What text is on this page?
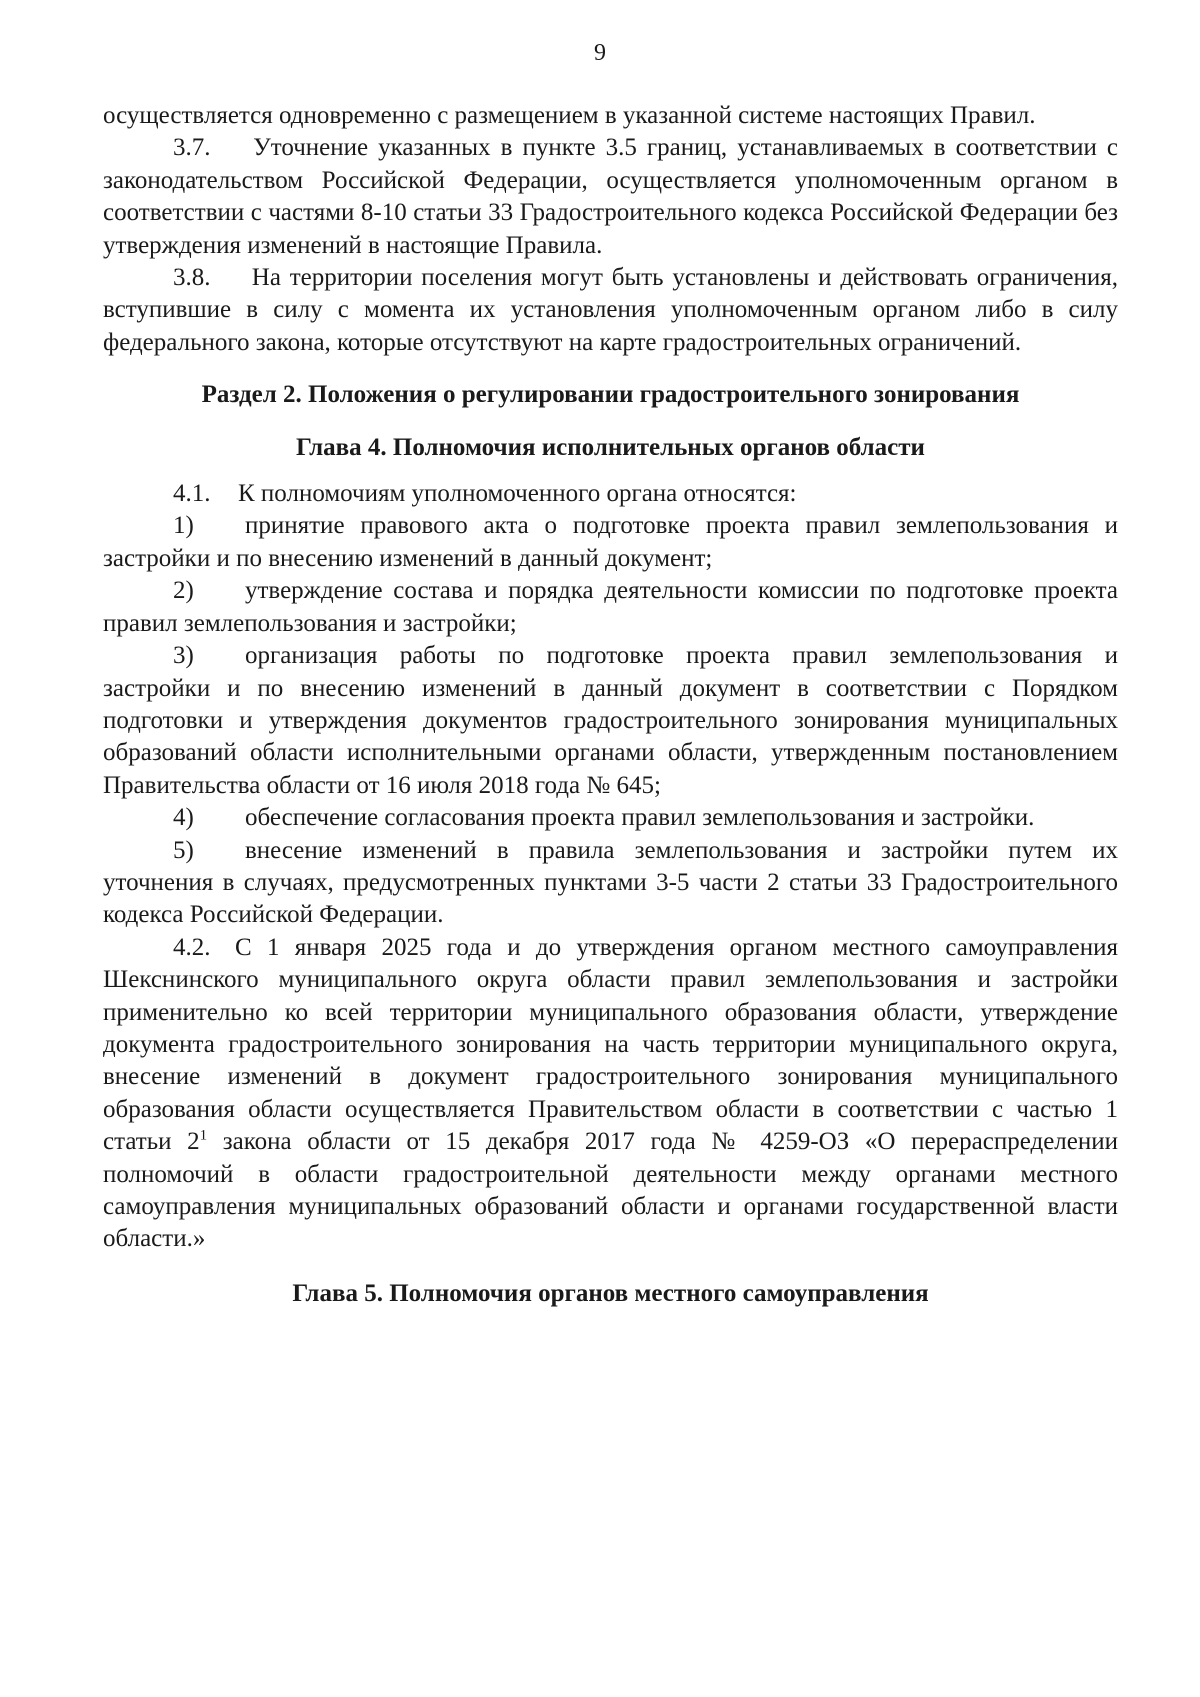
9

осуществляется одновременно с размещением в указанной системе настоящих Правил.

3.7. Уточнение указанных в пункте 3.5 границ, устанавливаемых в соответствии с законодательством Российской Федерации, осуществляется уполномоченным органом в соответствии с частями 8-10 статьи 33 Градостроительного кодекса Российской Федерации без утверждения изменений в настоящие Правила.

3.8. На территории поселения могут быть установлены и действовать ограничения, вступившие в силу с момента их установления уполномоченным органом либо в силу федерального закона, которые отсутствуют на карте градостроительных ограничений.

Раздел 2. Положения о регулировании градостроительного зонирования

Глава 4. Полномочия исполнительных органов области

4.1. К полномочиям уполномоченного органа относятся:

1) принятие правового акта о подготовке проекта правил землепользования и застройки и по внесению изменений в данный документ;

2) утверждение состава и порядка деятельности комиссии по подготовке проекта правил землепользования и застройки;

3) организация работы по подготовке проекта правил землепользования и застройки и по внесению изменений в данный документ в соответствии с Порядком подготовки и утверждения документов градостроительного зонирования муниципальных образований области исполнительными органами области, утвержденным постановлением Правительства области от 16 июля 2018 года № 645;

4) обеспечение согласования проекта правил землепользования и застройки.

5) внесение изменений в правила землепользования и застройки путем их уточнения в случаях, предусмотренных пунктами 3-5 части 2 статьи 33 Градостроительного кодекса Российской Федерации.

4.2. С 1 января 2025 года и до утверждения органом местного самоуправления Шекснинского муниципального округа области правил землепользования и застройки применительно ко всей территории муниципального образования области, утверждение документа градостроительного зонирования на часть территории муниципального округа, внесение изменений в документ градостроительного зонирования муниципального образования области осуществляется Правительством области в соответствии с частью 1 статьи $2^1$ закона области от 15 декабря 2017 года № 4259-ОЗ «О перераспределении полномочий в области градостроительной деятельности между органами местного самоуправления муниципальных образований области и органами государственной власти области.»

Глава 5. Полномочия органов местного самоуправления
